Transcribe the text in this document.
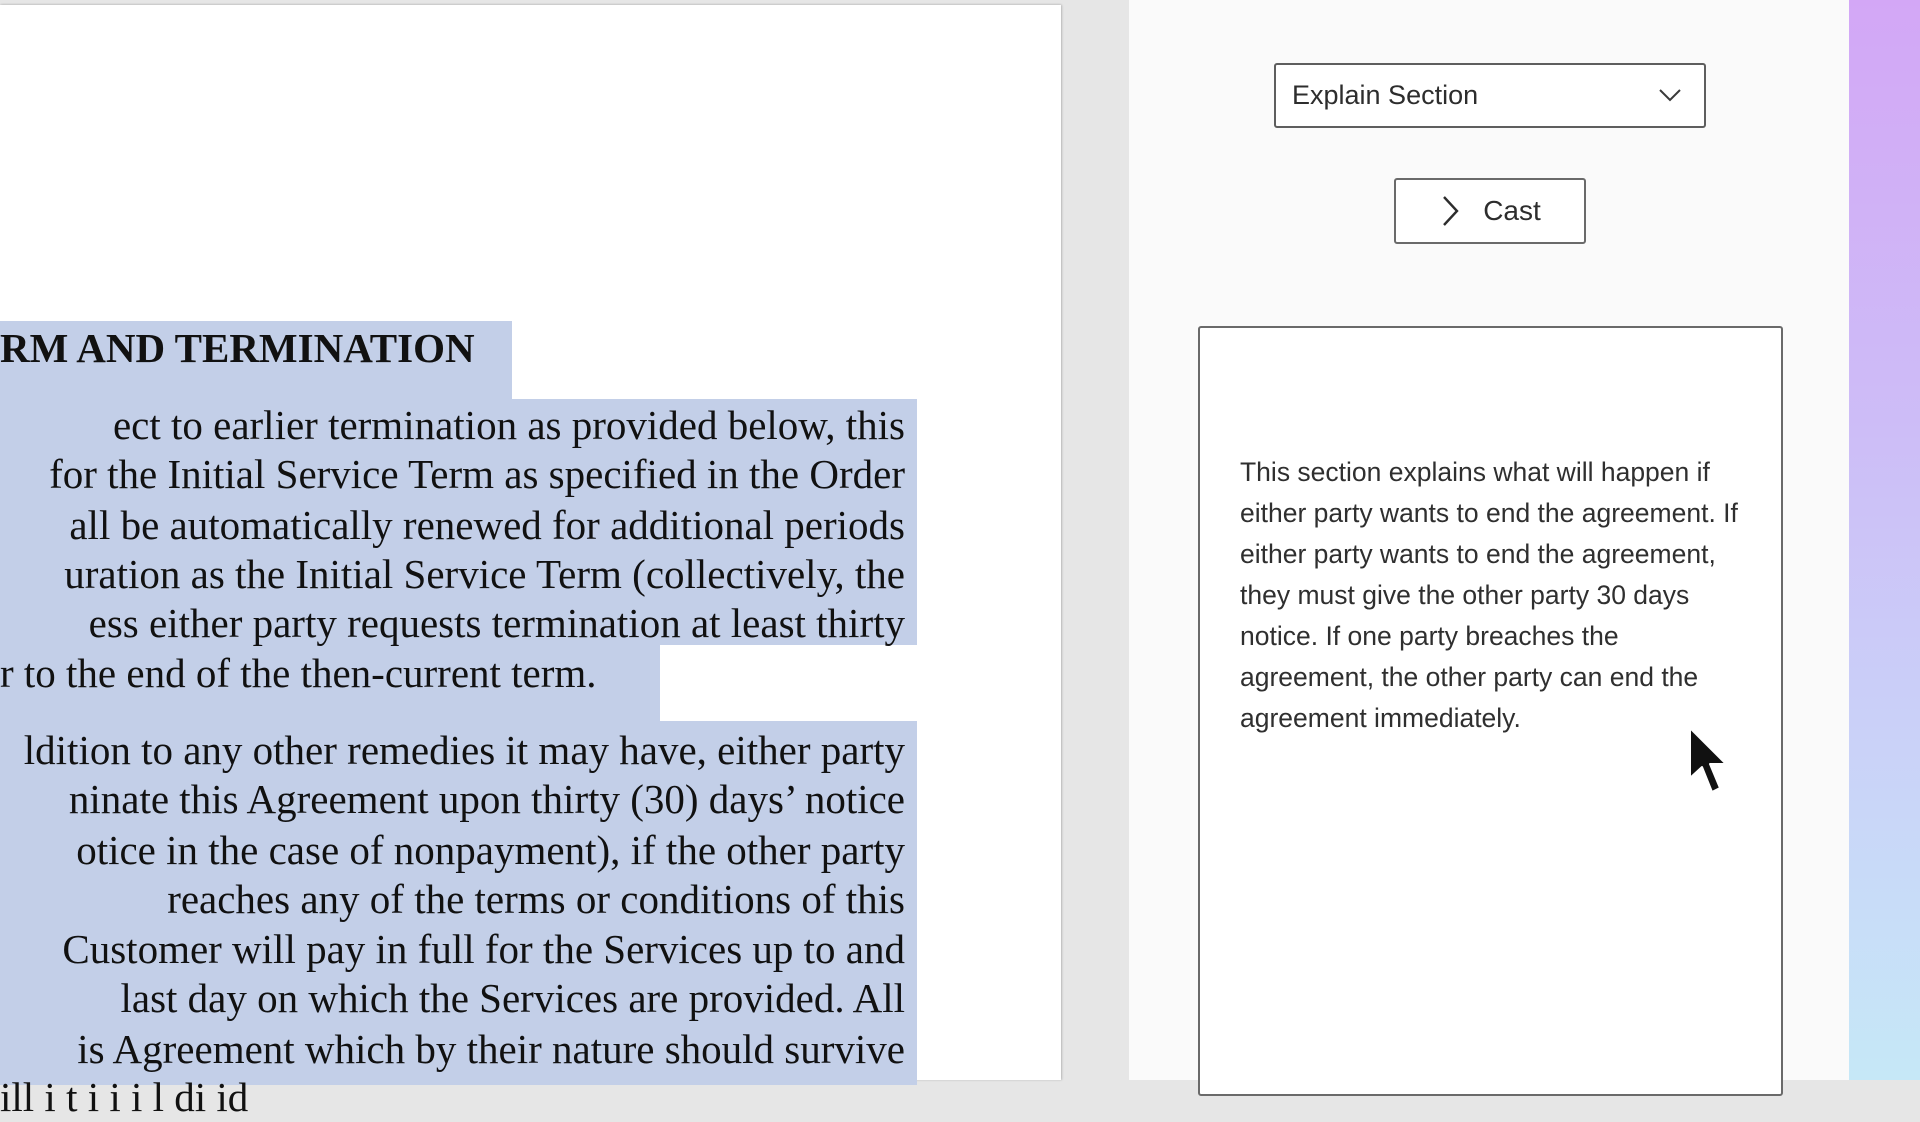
RM AND TERMINATION
ect to earlier termination as provided below, this
for the Initial Service Term as specified in the Order
all be automatically renewed for additional periods
uration as the Initial Service Term (collectively, the
ess either party requests termination at least thirty
r to the end of the then-current term.
ldition to any other remedies it may have, either party
ninate this Agreement upon thirty (30) days’ notice
otice in the case of nonpayment), if the other party
reaches any of the terms or conditions of this
Customer will pay in full for the Services up to and
last day on which the Services are provided. All
is Agreement which by their nature should survive
ill i t i i i l di id
Explain Section
Cast
This section explains what will happen if either party wants to end the agreement. If either party wants to end the agreement, they must give the other party 30 days notice. If one party breaches the agreement, the other party can end the agreement immediately.
